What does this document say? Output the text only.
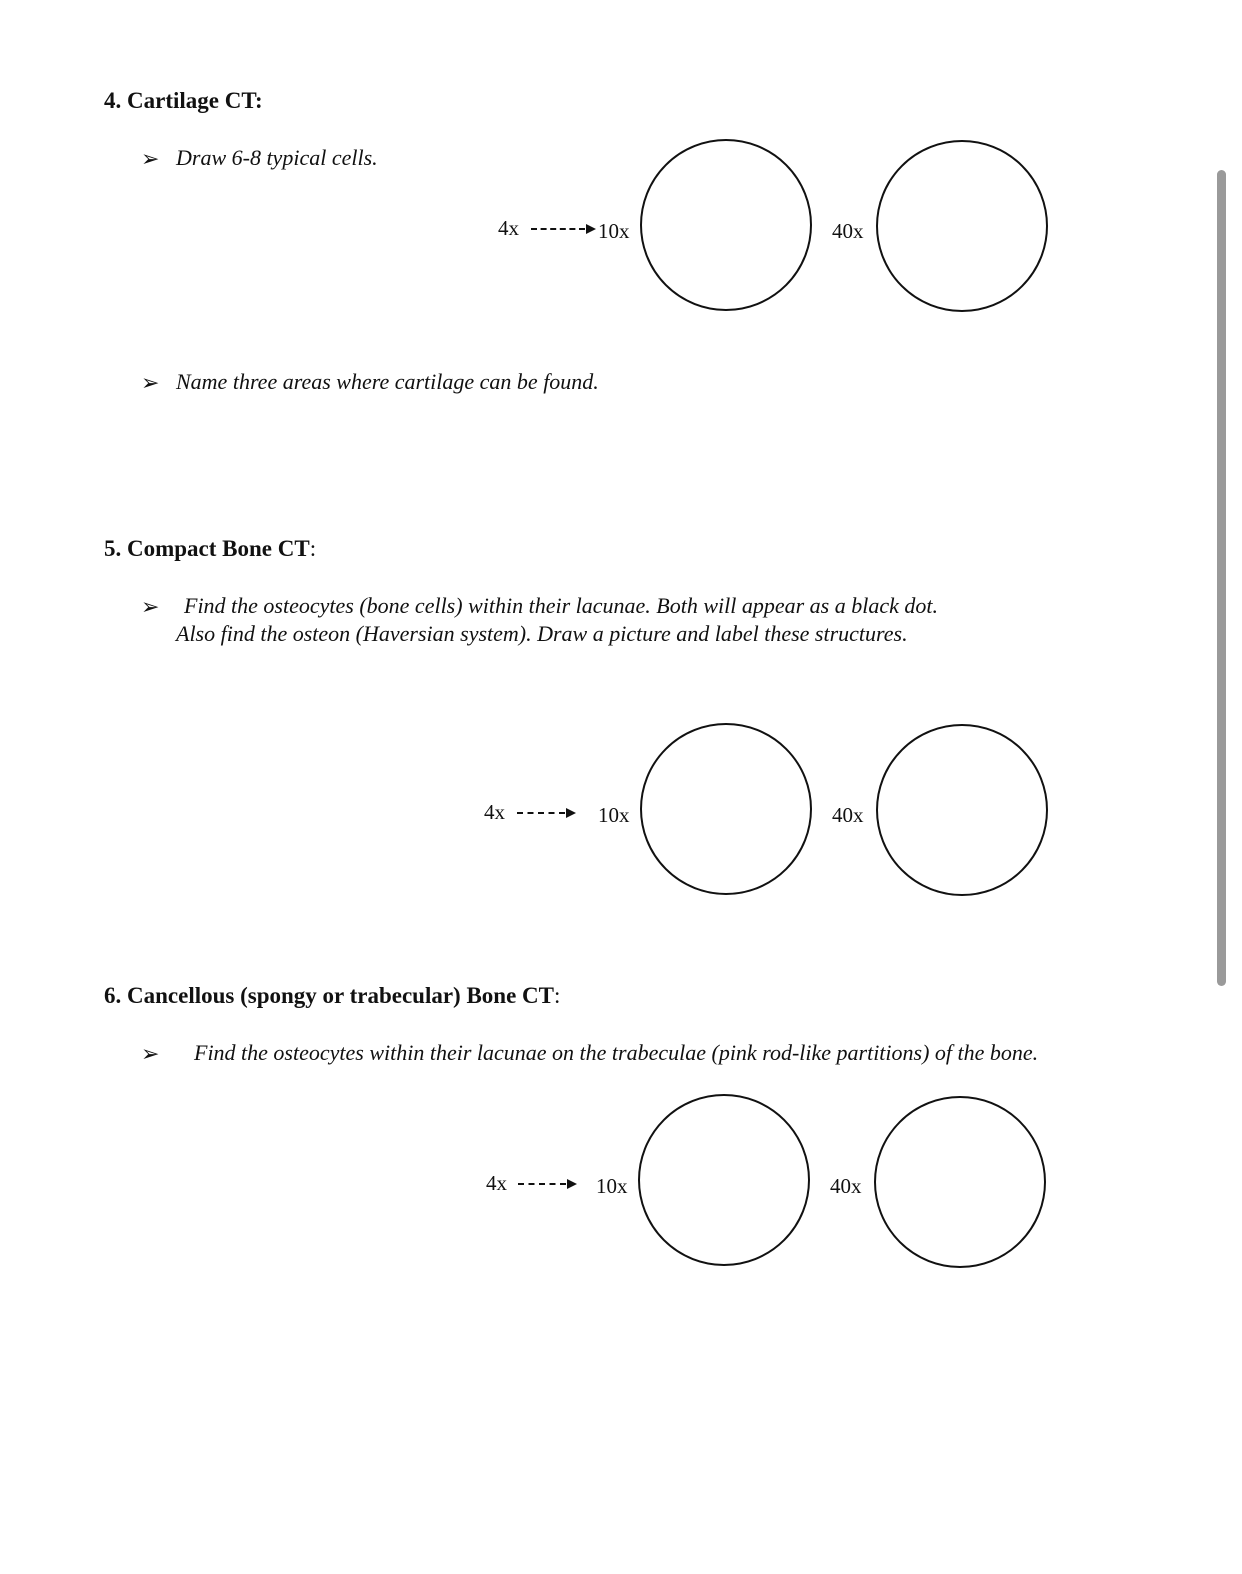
4. Cartilage CT:
➢ Draw 6-8 typical cells.
4x	10x	40x
➢ Name three areas where cartilage can be found.
5. Compact Bone CT:
➢ Find the osteocytes (bone cells) within their lacunae. Both will appear as a black dot.
Also find the osteon (Haversian system). Draw a picture and label these structures.
4x	10x	40x
6. Cancellous (spongy or trabecular) Bone CT:
➢ Find the osteocytes within their lacunae on the trabeculae (pink rod-like partitions) of the bone.
4x	10x	40x
